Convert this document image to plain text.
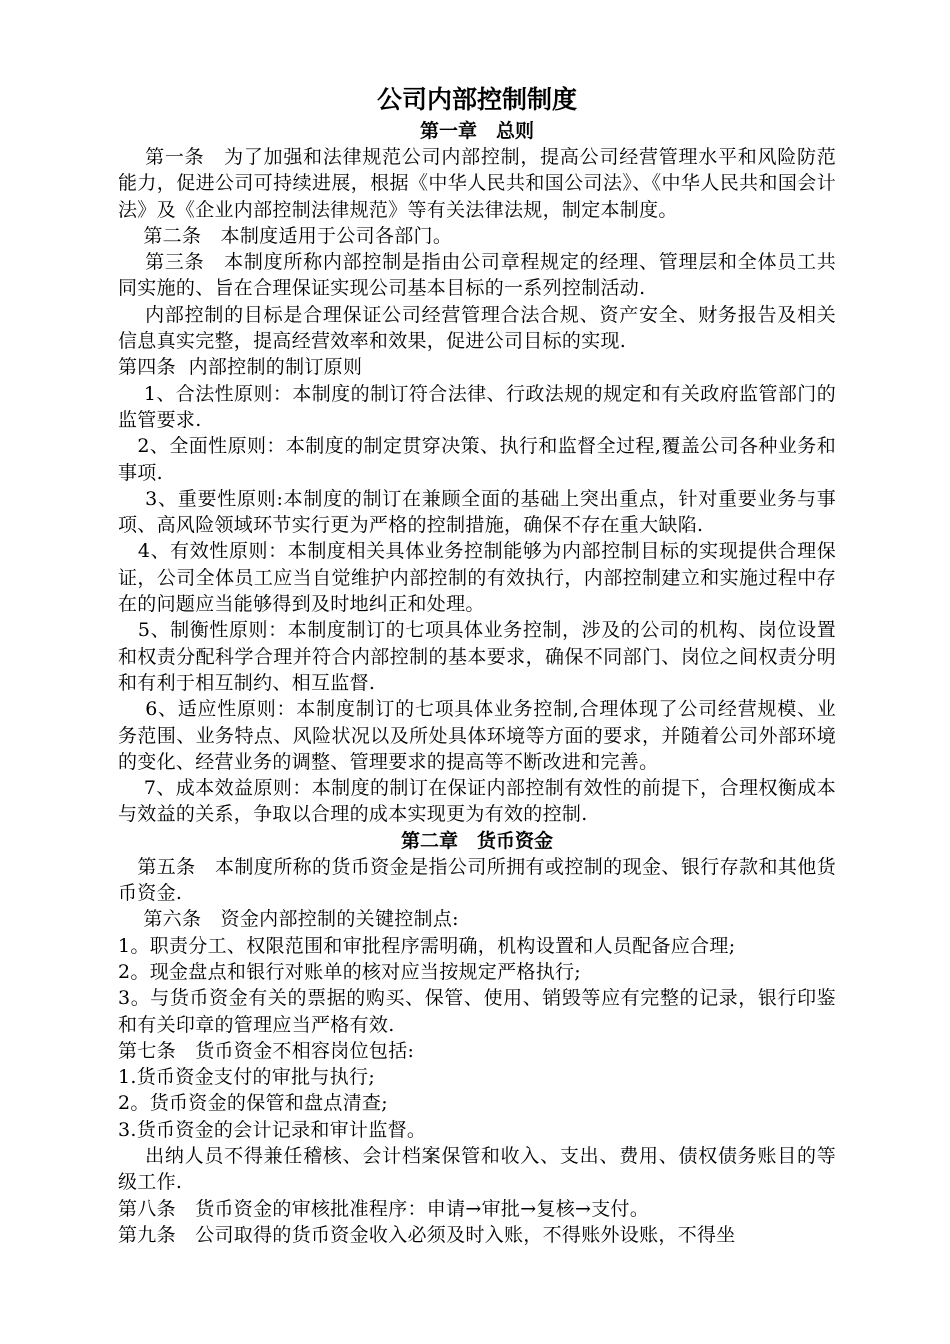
公司内部控制制度
第一章　总则

第一条　为了加强和法律规范公司内部控制，提高公司经营管理水平和风险防范能力，促进公司可持续进展，根据《中华人民共和国公司法》、《中华人民共和国会计法》及《企业内部控制法律规范》等有关法律法规，制定本制度。

第二条　本制度适用于公司各部门。

第三条　本制度所称内部控制是指由公司章程规定的经理、管理层和全体员工共同实施的、旨在合理保证实现公司基本目标的一系列控制活动.

内部控制的目标是合理保证公司经营管理合法合规、资产安全、财务报告及相关信息真实完整，提高经营效率和效果，促进公司目标的实现.

第四条  内部控制的制订原则

1、合法性原则：本制度的制订符合法律、行政法规的规定和有关政府监管部门的监管要求.

2、全面性原则：本制度的制定贯穿决策、执行和监督全过程,覆盖公司各种业务和事项.

3、重要性原则:本制度的制订在兼顾全面的基础上突出重点，针对重要业务与事项、高风险领域环节实行更为严格的控制措施，确保不存在重大缺陷.

4、有效性原则：本制度相关具体业务控制能够为内部控制目标的实现提供合理保证，公司全体员工应当自觉维护内部控制的有效执行，内部控制建立和实施过程中存在的问题应当能够得到及时地纠正和处理。

5、制衡性原则：本制度制订的七项具体业务控制，涉及的公司的机构、岗位设置和权责分配科学合理并符合内部控制的基本要求，确保不同部门、岗位之间权责分明和有利于相互制约、相互监督.

6、适应性原则：本制度制订的七项具体业务控制,合理体现了公司经营规模、业务范围、业务特点、风险状况以及所处具体环境等方面的要求，并随着公司外部环境的变化、经营业务的调整、管理要求的提高等不断改进和完善。

7、成本效益原则：本制度的制订在保证内部控制有效性的前提下，合理权衡成本与效益的关系，争取以合理的成本实现更为有效的控制.

第二章　货币资金

第五条　本制度所称的货币资金是指公司所拥有或控制的现金、银行存款和其他货币资金.

第六条　资金内部控制的关键控制点:

1。职责分工、权限范围和审批程序需明确，机构设置和人员配备应合理;

2。现金盘点和银行对账单的核对应当按规定严格执行;

3。与货币资金有关的票据的购买、保管、使用、销毁等应有完整的记录，银行印鉴和有关印章的管理应当严格有效.

第七条　货币资金不相容岗位包括:

1.货币资金支付的审批与执行;

2。货币资金的保管和盘点清查;

3.货币资金的会计记录和审计监督。

出纳人员不得兼任稽核、会计档案保管和收入、支出、费用、债权债务账目的等级工作.

第八条　货币资金的审核批准程序：申请→审批→复核→支付。

第九条　公司取得的货币资金收入必须及时入账，不得账外设账，不得坐
